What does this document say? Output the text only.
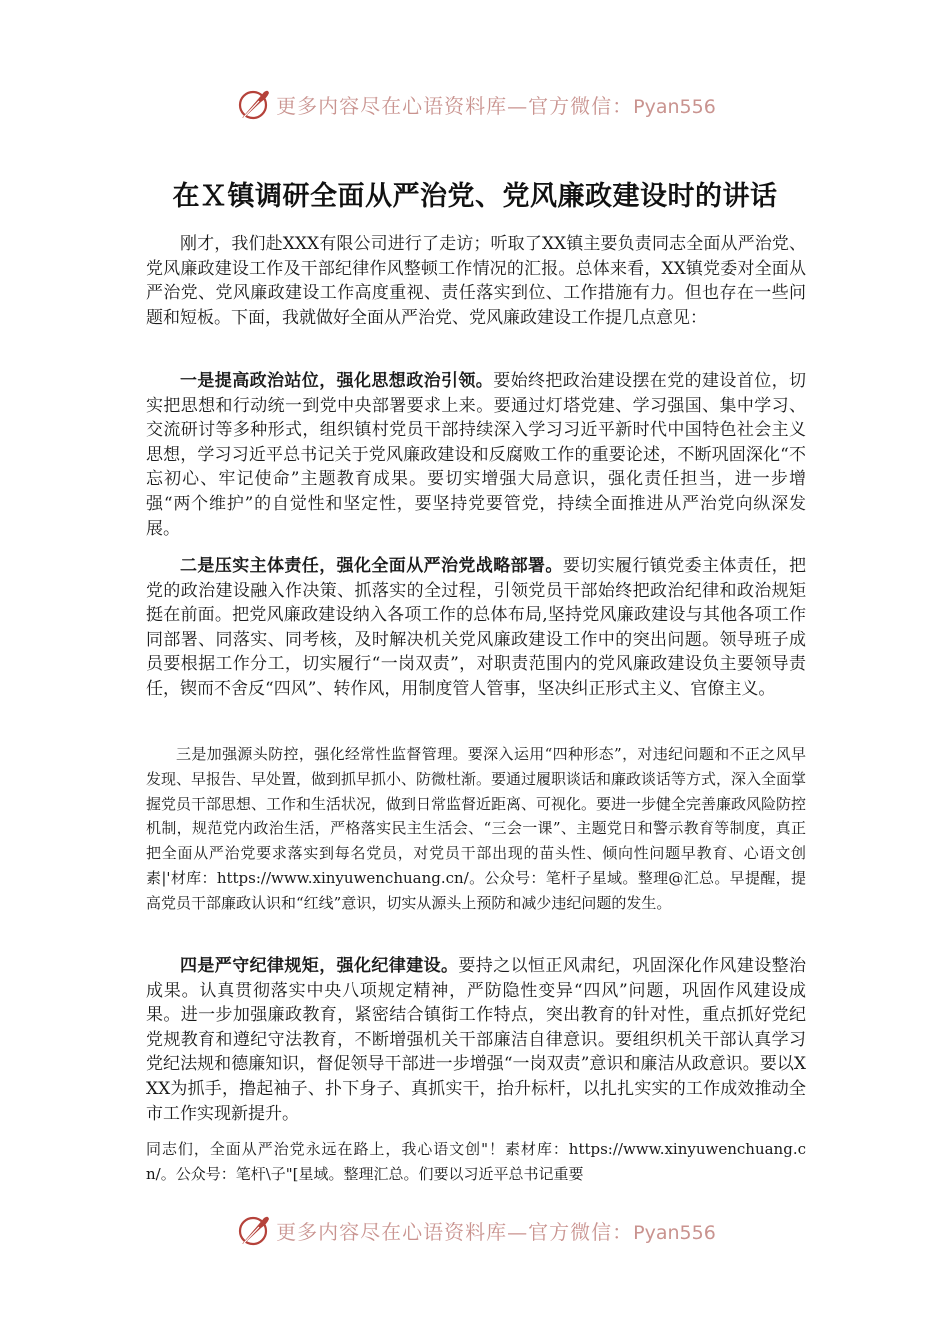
更多内容尽在心语资料库—官方微信：Pyan556
在Ｘ镇调研全面从严治党、党风廉政建设时的讲话

刚才，我们赴XXX有限公司进行了走访；听取了XX镇主要负责同志全面从严治党、党风廉政建设工作及干部纪律作风整顿工作情况的汇报。总体来看，XX镇党委对全面从严治党、党风廉政建设工作高度重视、责任落实到位、工作措施有力。但也存在一些问题和短板。下面，我就做好全面从严治党、党风廉政建设工作提几点意见：

一是提高政治站位，强化思想政治引领。要始终把政治建设摆在党的建设首位，切实把思想和行动统一到党中央部署要求上来。要通过灯塔党建、学习强国、集中学习、交流研讨等多种形式，组织镇村党员干部持续深入学习习近平新时代中国特色社会主义思想，学习习近平总书记关于党风廉政建设和反腐败工作的重要论述，不断巩固深化“不忘初心、牢记使命”主题教育成果。要切实增强大局意识，强化责任担当，进一步增强“两个维护”的自觉性和坚定性，要坚持党要管党，持续全面推进从严治党向纵深发展。

二是压实主体责任，强化全面从严治党战略部署。要切实履行镇党委主体责任，把党的政治建设融入作决策、抓落实的全过程，引领党员干部始终把政治纪律和政治规矩挺在前面。把党风廉政建设纳入各项工作的总体布局,坚持党风廉政建设与其他各项工作同部署、同落实、同考核，及时解决机关党风廉政建设工作中的突出问题。领导班子成员要根据工作分工，切实履行“一岗双责”，对职责范围内的党风廉政建设负主要领导责任，锲而不舍反“四风”、转作风，用制度管人管事，坚决纠正形式主义、官僚主义。

三是加强源头防控，强化经常性监督管理。要深入运用“四种形态”，对违纪问题和不正之风早发现、早报告、早处置，做到抓早抓小、防微杜渐。要通过履职谈话和廉政谈话等方式，深入全面掌握党员干部思想、工作和生活状况，做到日常监督近距离、可视化。要进一步健全完善廉政风险防控机制，规范党内政治生活，严格落实民主生活会、“三会一课”、主题党日和警示教育等制度，真正把全面从严治党要求落实到每名党员，对党员干部出现的苗头性、倾向性问题早教育、心语文创素|'材库：https://www.xinyuwenchuang.cn/。公众号：笔杆子星域。整理@汇总。早提醒，提高党员干部廉政认识和“红线”意识，切实从源头上预防和减少违纪问题的发生。

四是严守纪律规矩，强化纪律建设。要持之以恒正风肃纪，巩固深化作风建设整治成果。认真贯彻落实中央八项规定精神，严防隐性变异“四风”问题，巩固作风建设成果。进一步加强廉政教育，紧密结合镇街工作特点，突出教育的针对性，重点抓好党纪党规教育和遵纪守法教育，不断增强机关干部廉洁自律意识。要组织机关干部认真学习党纪法规和德廉知识，督促领导干部进一步增强“一岗双责”意识和廉洁从政意识。要以XXX为抓手，撸起袖子、扑下身子、真抓实干，抬升标杆，以扎扎实实的工作成效推动全市工作实现新提升。

同志们，全面从严治党永远在路上，我心语文创"！素材库：https://www.xinyuwenchuang.cn/。公众号：笔杆\子"[星域。整理汇总。们要以习近平总书记重要

更多内容尽在心语资料库—官方微信：Pyan556
